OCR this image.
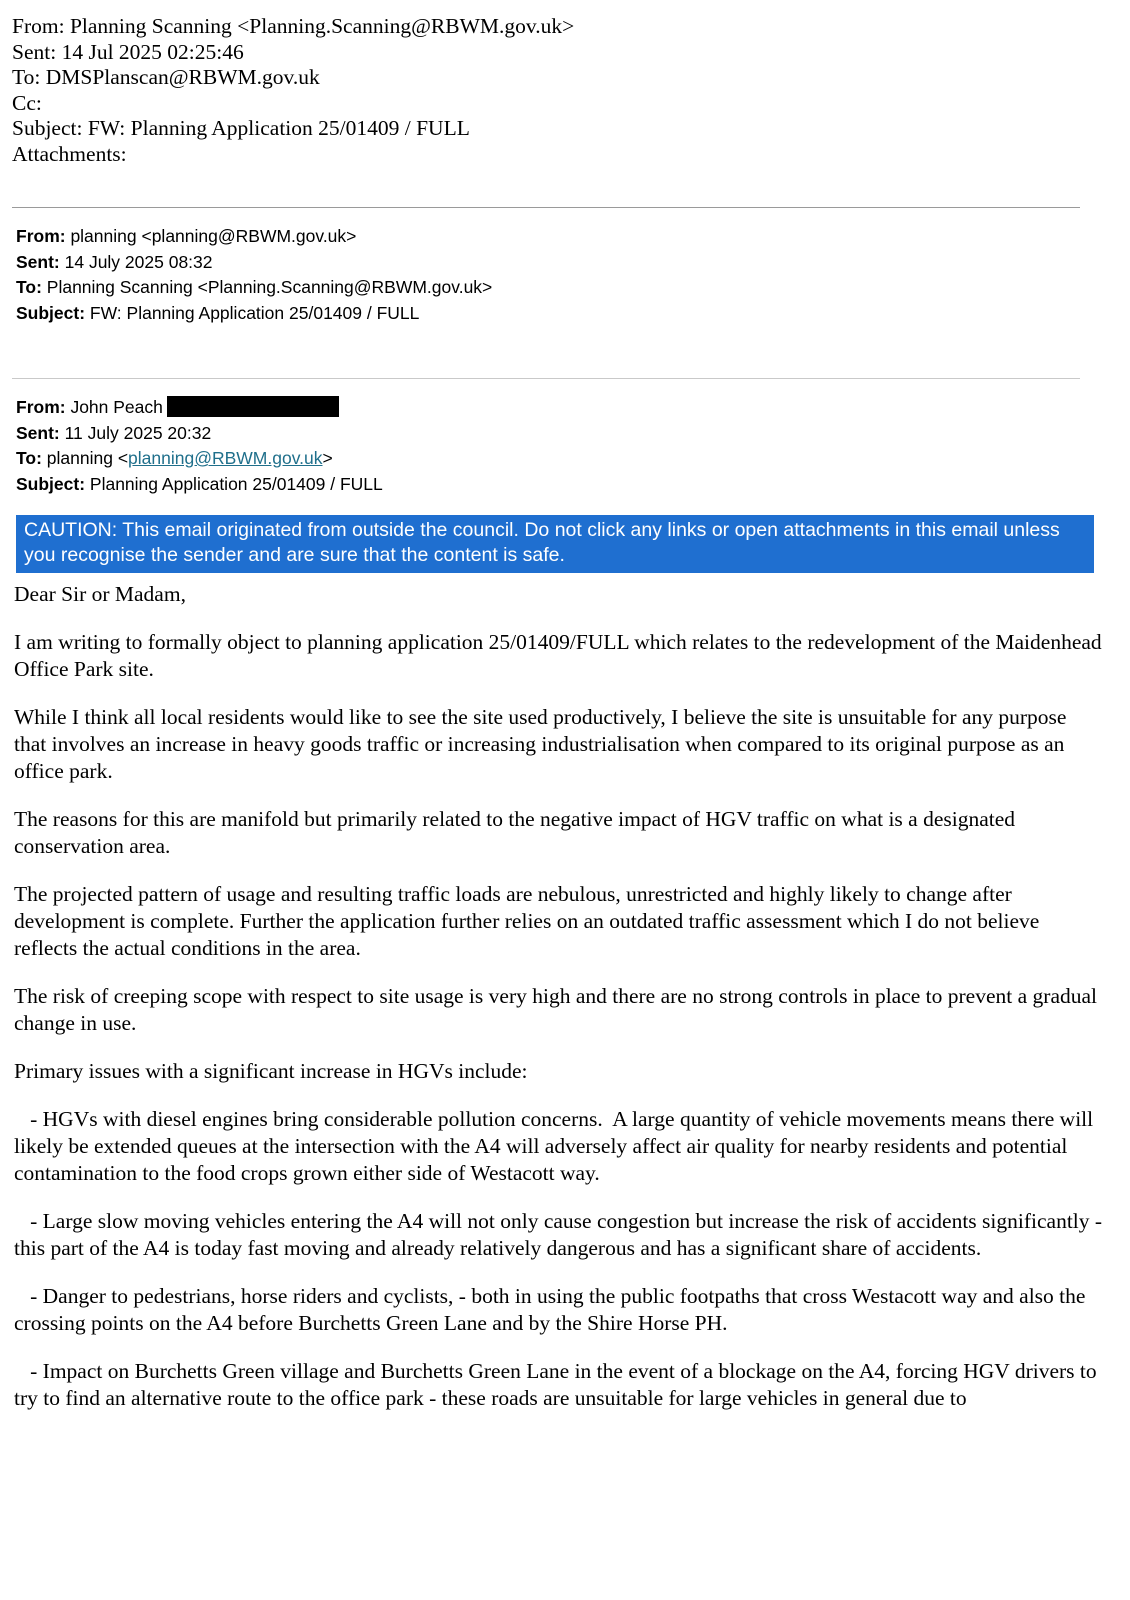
From: Planning Scanning <Planning.Scanning@RBWM.gov.uk>
Sent: 14 Jul 2025 02:25:46
To: DMSPlanscan@RBWM.gov.uk
Cc:
Subject: FW: Planning Application 25/01409 / FULL
Attachments:
From: planning <planning@RBWM.gov.uk>
Sent: 14 July 2025 08:32
To: Planning Scanning <Planning.Scanning@RBWM.gov.uk>
Subject: FW: Planning Application 25/01409 / FULL
From: John Peach
Sent: 11 July 2025 20:32
To: planning <planning@RBWM.gov.uk>
Subject: Planning Application 25/01409 / FULL
CAUTION: This email originated from outside the council. Do not click any links or open attachments in this email unless you recognise the sender and are sure that the content is safe.

Dear Sir or Madam,

I am writing to formally object to planning application 25/01409/FULL which relates to the redevelopment of the Maidenhead Office Park site.

While I think all local residents would like to see the site used productively, I believe the site is unsuitable for any purpose that involves an increase in heavy goods traffic or increasing industrialisation when compared to its original purpose as an office park.

The reasons for this are manifold but primarily related to the negative impact of HGV traffic on what is a designated conservation area.

The projected pattern of usage and resulting traffic loads are nebulous, unrestricted and highly likely to change after development is complete. Further the application further relies on an outdated traffic assessment which I do not believe reflects the actual conditions in the area.

The risk of creeping scope with respect to site usage is very high and there are no strong controls in place to prevent a gradual change in use.

Primary issues with a significant increase in HGVs include:

- HGVs with diesel engines bring considerable pollution concerns.  A large quantity of vehicle movements means there will likely be extended queues at the intersection with the A4 will adversely affect air quality for nearby residents and potential contamination to the food crops grown either side of Westacott way.

- Large slow moving vehicles entering the A4 will not only cause congestion but increase the risk of accidents significantly - this part of the A4 is today fast moving and already relatively dangerous and has a significant share of accidents.

- Danger to pedestrians, horse riders and cyclists, - both in using the public footpaths that cross Westacott way and also the crossing points on the A4 before Burchetts Green Lane and by the Shire Horse PH.

- Impact on Burchetts Green village and Burchetts Green Lane in the event of a blockage on the A4, forcing HGV drivers to try to find an alternative route to the office park - these roads are unsuitable for large vehicles in general due to
